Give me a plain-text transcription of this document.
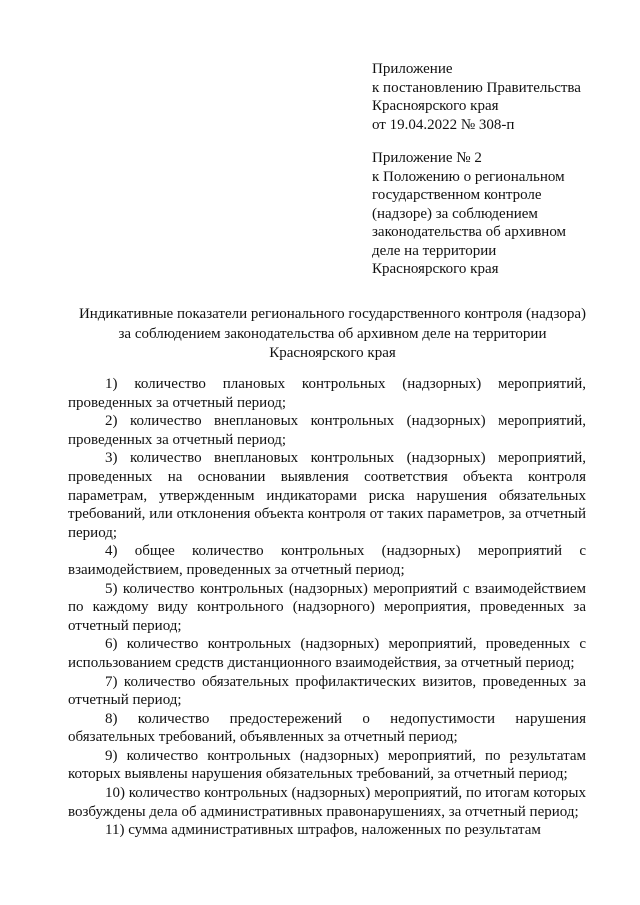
Приложение
к постановлению Правительства
Красноярского края
от 19.04.2022 № 308-п
Приложение № 2
к Положению о региональном
государственном контроле
(надзоре) за соблюдением
законодательства об архивном
деле на территории
Красноярского края
Индикативные показатели регионального государственного контроля (надзора)
за соблюдением законодательства об архивном деле на территории
Красноярского края

1) количество плановых контрольных (надзорных) мероприятий, проведенных за отчетный период;

2) количество внеплановых контрольных (надзорных) мероприятий, проведенных за отчетный период;

3) количество внеплановых контрольных (надзорных) мероприятий, проведенных на основании выявления соответствия объекта контроля параметрам, утвержденным индикаторами риска нарушения обязательных требований, или отклонения объекта контроля от таких параметров, за отчетный период;

4) общее количество контрольных (надзорных) мероприятий с взаимодействием, проведенных за отчетный период;

5) количество контрольных (надзорных) мероприятий с взаимодействием по каждому виду контрольного (надзорного) мероприятия, проведенных за отчетный период;

6) количество контрольных (надзорных) мероприятий, проведенных с использованием средств дистанционного взаимодействия, за отчетный период;

7) количество обязательных профилактических визитов, проведенных за отчетный период;

8) количество предостережений о недопустимости нарушения обязательных требований, объявленных за отчетный период;

9) количество контрольных (надзорных) мероприятий, по результатам которых выявлены нарушения обязательных требований, за отчетный период;

10) количество контрольных (надзорных) мероприятий, по итогам которых возбуждены дела об административных правонарушениях, за отчетный период;

11) сумма административных штрафов, наложенных по результатам
